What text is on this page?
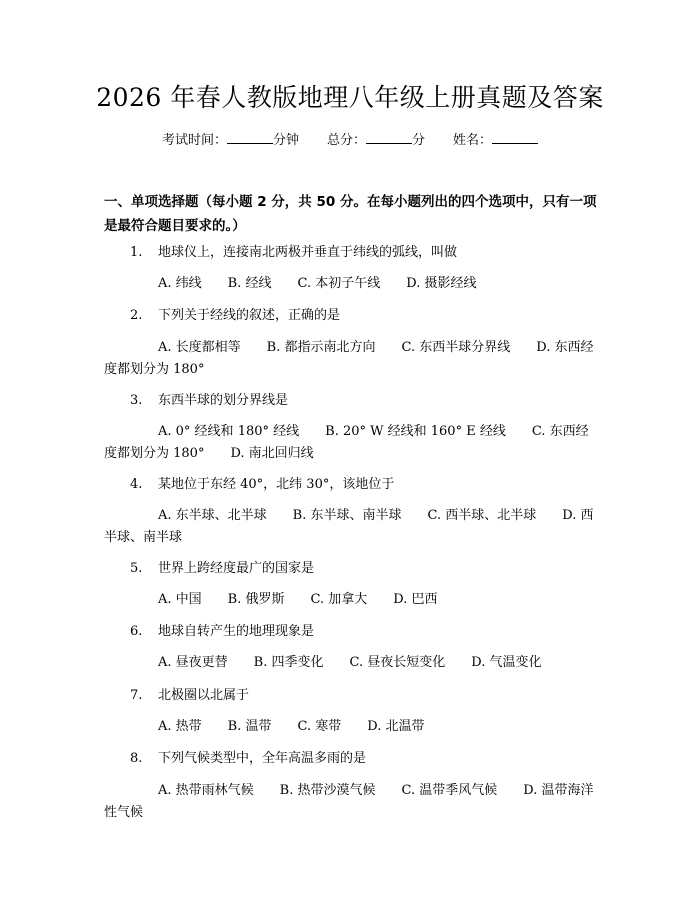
2026 年春人教版地理八年级上册真题及答案
考试时间：	分钟 总分：	分 姓名：
一、单项选择题（每小题 2 分，共 50 分。在每小题列出的四个选项中，只有一项是最符合题目要求的。）
1. 地球仪上，连接南北两极并垂直于纬线的弧线，叫做
A. 纬线 B. 经线 C. 本初子午线 D. 摄影经线
2. 下列关于经线的叙述，正确的是
A. 长度都相等 B. 都指示南北方向 C. 东西半球分界线 D. 东西经度都划分为 180°
3. 东西半球的划分界线是
A. 0° 经线和 180° 经线 B. 20° W 经线和 160° E 经线 C. 东西经度都划分为 180° D. 南北回归线
4. 某地位于东经 40°，北纬 30°，该地位于
A. 东半球、北半球 B. 东半球、南半球 C. 西半球、北半球 D. 西半球、南半球
5. 世界上跨经度最广的国家是
A. 中国 B. 俄罗斯 C. 加拿大 D. 巴西
6. 地球自转产生的地理现象是
A. 昼夜更替 B. 四季变化 C. 昼夜长短变化 D. 气温变化
7. 北极圈以北属于
A. 热带 B. 温带 C. 寒带 D. 北温带
8. 下列气候类型中，全年高温多雨的是
A. 热带雨林气候 B. 热带沙漠气候 C. 温带季风气候 D. 温带海洋性气候
